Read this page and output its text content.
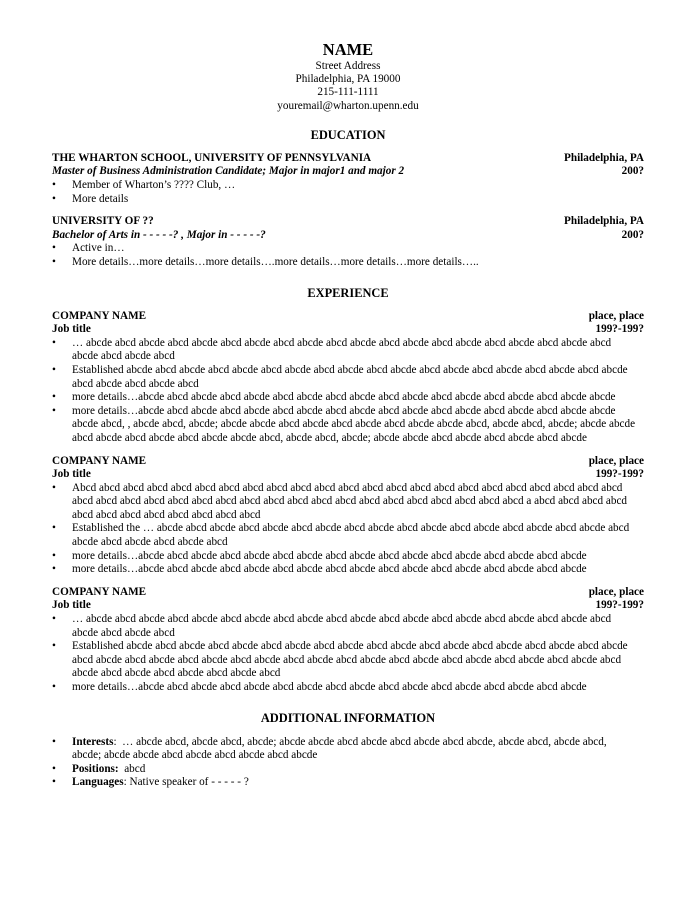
NAME
Street Address
Philadelphia, PA 19000
215-111-1111
youremail@wharton.upenn.edu
EDUCATION
THE WHARTON SCHOOL, UNIVERSITY OF PENNSYLVANIA	Philadelphia, PA
Master of Business Administration Candidate; Major in major1 and major 2	200?
•	Member of Wharton’s ???? Club, …
•	More details
UNIVERSITY OF ??	Philadelphia, PA
Bachelor of Arts in - - - - -? , Major in - - - - -?	200?
•	Active in…
•	More details…more details…more details….more details…more details…more details…..
EXPERIENCE
COMPANY NAME	place, place
Job title	199?-199?
•	… abcde abcd abcde abcd abcde abcd abcde abcd abcde abcd abcde abcd abcde abcd abcde abcd abcde abcd abcde abcd
abcde abcd abcde abcd
•	Established abcde abcd abcde abcd abcde abcd abcde abcd abcde abcd abcde abcd abcde abcd abcde abcd abcde abcd abcde
abcd abcde abcd abcde abcd
•	more details…abcde abcd abcde abcd abcde abcd abcde abcd abcde abcd abcde abcd abcde abcd abcde abcd abcde abcde
•	more details…abcde abcd abcde abcd abcde abcd abcde abcd abcde abcd abcde abcd abcde abcd abcde abcd abcde abcde
abcde abcd, , abcde abcd, abcde; abcde abcde abcd abcde abcd abcde abcd abcde abcde abcd, abcde abcd, abcde; abcde abcde
abcd abcde abcd abcde abcd abcde abcde abcd, abcde abcd, abcde; abcde abcde abcd abcde abcd abcde abcd abcde
COMPANY NAME	place, place
Job title	199?-199?
•	Abcd abcd abcd abcd abcd abcd abcd abcd abcd abcd abcd abcd abcd abcd abcd abcd abcd abcd abcd abcd abcd abcd abcd
abcd abcd abcd abcd abcd abcd abcd abcd abcd abcd abcd abcd abcd abcd abcd abcd abcd abcd abcd a abcd abcd abcd abcd
abcd abcd abcd abcd abcd abcd abcd abcd
•	Established the … abcde abcd abcde abcd abcde abcd abcde abcd abcde abcd abcde abcd abcde abcd abcde abcd abcde abcd
abcde abcd abcde abcd abcde abcd
•	more details…abcde abcd abcde abcd abcde abcd abcde abcd abcde abcd abcde abcd abcde abcd abcde abcd abcde
•	more details…abcde abcd abcde abcd abcde abcd abcde abcd abcde abcd abcde abcd abcde abcd abcde abcd abcde
COMPANY NAME	place, place
Job title	199?-199?
•	… abcde abcd abcde abcd abcde abcd abcde abcd abcde abcd abcde abcd abcde abcd abcde abcd abcde abcd abcde abcd
abcde abcd abcde abcd
•	Established abcde abcd abcde abcd abcde abcd abcde abcd abcde abcd abcde abcd abcde abcd abcde abcd abcde abcd abcde
abcd abcde abcd abcde abcd abcde abcd abcde abcd abcde abcd abcde abcd abcde abcd abcde abcd abcde abcd abcde abcd
abcde abcd abcde abcd abcde abcd abcde abcd
•	more details…abcde abcd abcde abcd abcde abcd abcde abcd abcde abcd abcde abcd abcde abcd abcde abcd abcde
ADDITIONAL INFORMATION
•	Interests:  … abcde abcd, abcde abcd, abcde; abcde abcde abcd abcde abcd abcde abcd abcde, abcde abcd, abcde abcd,
abcde; abcde abcde abcd abcde abcd abcde abcd abcde
•	Positions: abcd
•	Languages: Native speaker of - - - - - ?
